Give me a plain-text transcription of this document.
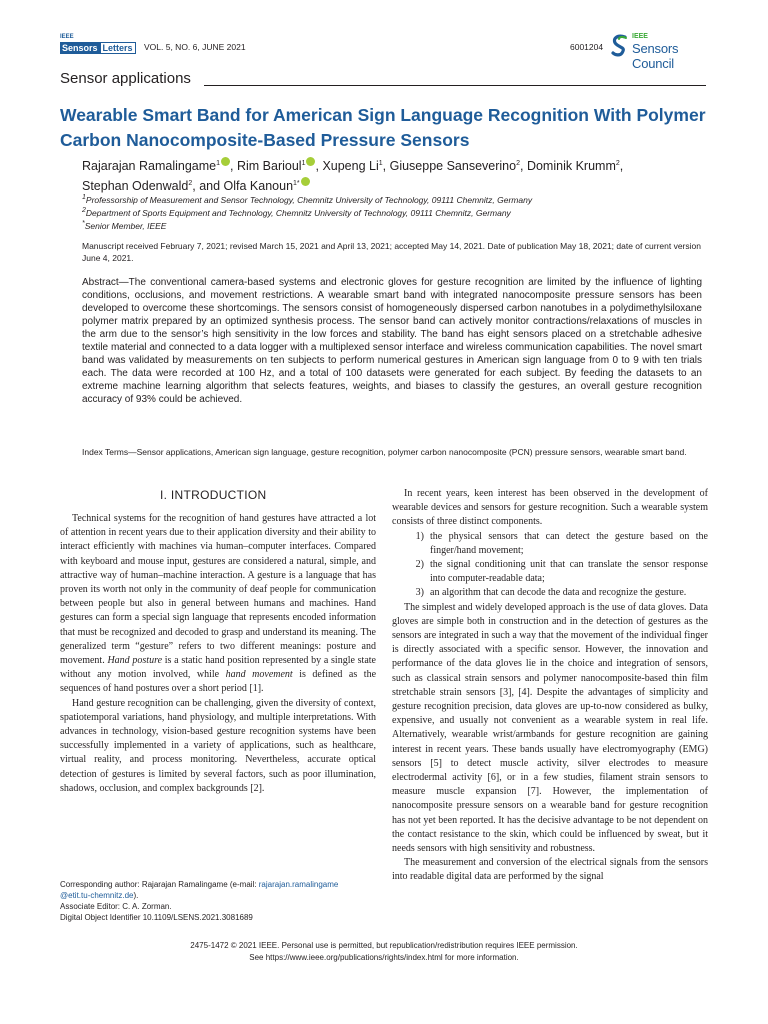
IEEE
Sensors Letters	VOL. 5, NO. 6, JUNE 2021	6001204
IEEE
Sensors Council
Sensor applications
Wearable Smart Band for American Sign Language Recognition With Polymer Carbon Nanocomposite-Based Pressure Sensors
Rajarajan Ramalingame$^1$ , Rim Barioul$^1$ , Xupeng Li$^1$, Giuseppe Sanseverino$^2$, Dominik Krumm$^2$,
Stephan Odenwald$^2$, and Olfa Kanoun$^{1*}$
$^1$Professorship of Measurement and Sensor Technology, Chemnitz University of Technology, 09111 Chemnitz, Germany
$^2$Department of Sports Equipment and Technology, Chemnitz University of Technology, 09111 Chemnitz, Germany
*Senior Member, IEEE
Manuscript received February 7, 2021; revised March 15, 2021 and April 13, 2021; accepted May 14, 2021. Date of publication May 18, 2021; date of current version June 4, 2021.
Abstract—The conventional camera-based systems and electronic gloves for gesture recognition are limited by the influence of lighting conditions, occlusions, and movement restrictions. A wearable smart band with integrated nanocomposite pressure sensors has been developed to overcome these shortcomings. The sensors consist of homogeneously dispersed carbon nanotubes in a polydimethylsiloxane polymer matrix prepared by an optimized synthesis process. The sensor band can actively monitor contractions/relaxations of muscles in the arm due to the sensor’s high sensitivity in the low forces and stability. The band has eight sensors placed on a stretchable adhesive textile material and connected to a data logger with a multiplexed sensor interface and wireless communication capabilities. The novel smart band was validated by measurements on ten subjects to perform numerical gestures in American sign language from 0 to 9 with ten trials each. The data were recorded at 100 Hz, and a total of 100 datasets were generated for each subject. By feeding the datasets to an extreme machine learning algorithm that selects features, weights, and biases to classify the gestures, an overall gesture recognition accuracy of 93% could be achieved.
Index Terms—Sensor applications, American sign language, gesture recognition, polymer carbon nanocomposite (PCN) pressure sensors, wearable smart band.
I. INTRODUCTION

Technical systems for the recognition of hand gestures have attracted a lot of attention in recent years due to their application diversity and their ability to interact efficiently with machines via human–computer interfaces. Compared with keyboard and mouse input, gestures are considered a natural, simple, and attractive way of human–machine interaction. A gesture is a language that has proven its worth not only in the community of deaf people for communication between people but also in general between humans and machines. Hand gestures can form a special sign language that represents encoded information that must be recognized and decoded to grasp and understand its meaning. The generalized term “gesture” refers to two different meanings: posture and movement. Hand posture is a static hand position represented by a single state without any motion involved, while hand movement is defined as the sequences of hand postures over a short period [1].

Hand gesture recognition can be challenging, given the diversity of context, spatiotemporal variations, hand physiology, and multiple interpretations. With advances in technology, vision-based gesture recognition systems have been successfully implemented in a variety of applications, such as healthcare, virtual reality, and process monitoring. Nevertheless, accurate optical detection of gestures is limited by several factors, such as poor illumination, shadows, occlusion, and complex backgrounds [2].

In recent years, keen interest has been observed in the development of wearable devices and sensors for gesture recognition. Such a wearable system consists of three distinct components.

1) the physical sensors that can detect the gesture based on the finger/hand movement;
2) the signal conditioning unit that can translate the sensor response into computer-readable data;
3) an algorithm that can decode the data and recognize the gesture.

The simplest and widely developed approach is the use of data gloves. Data gloves are simple both in construction and in the detection of gestures as the sensors are integrated in such a way that the movement of the individual finger is directly associated with a specific sensor. However, the innovation and performance of the data gloves lie in the choice and integration of sensors, such as classical strain sensors and polymer nanocomposite-based thin film stretchable strain sensors [3], [4]. Despite the advantages of simplicity and gesture recognition precision, data gloves are up-to-now considered as bulky, expensive, and usually not convenient as a wearable system in real life. Alternatively, wearable wrist/armbands for gesture recognition are gaining interest in recent years. These bands usually have electromyography (EMG) sensors [5] to detect muscle activity, silver electrodes to measure electrodermal activity [6], or in a few studies, filament strain sensors to measure muscle expansion [7]. However, the implementation of nanocomposite pressure sensors on a wearable band for gesture recognition has not yet been reported. It has the decisive advantage to be not dependent on the contact resistance to the skin, which could be influenced by sweat, but it needs sensors with high sensitivity and robustness.

The measurement and conversion of the electrical signals from the sensors into readable digital data are performed by the signal

Corresponding author: Rajarajan Ramalingame (e-mail: rajarajan.ramalingame
@etit.tu-chemnitz.de).
Associate Editor: C. A. Zorman.
Digital Object Identifier 10.1109/LSENS.2021.3081689
2475-1472 © 2021 IEEE. Personal use is permitted, but republication/redistribution requires IEEE permission.
See https://www.ieee.org/publications/rights/index.html for more information.
